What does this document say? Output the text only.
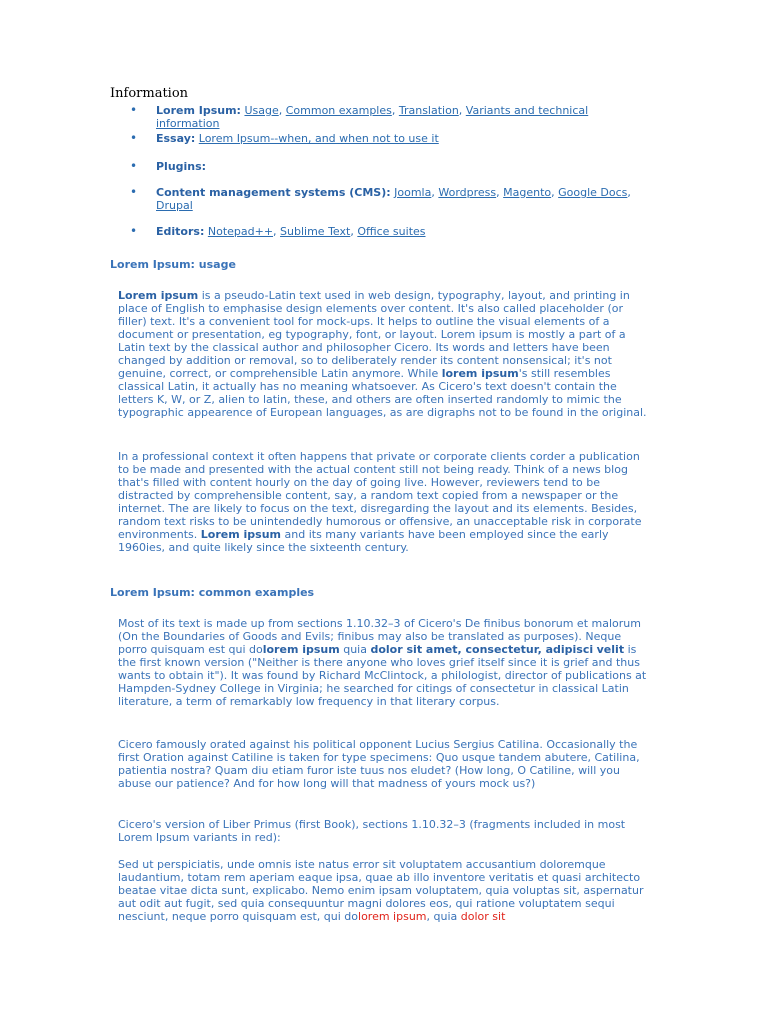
Information
• Lorem Ipsum: Usage, Common examples, Translation, Variants and technical information
• Essay: Lorem Ipsum--when, and when not to use it
• Plugins:
• Content management systems (CMS): Joomla, Wordpress, Magento, Google Docs, Drupal
• Editors: Notepad++, Sublime Text, Office suites
Lorem Ipsum: usage

Lorem ipsum is a pseudo-Latin text used in web design, typography, layout, and printing in place of English to emphasise design elements over content. It's also called placeholder (or filler) text. It's a convenient tool for mock-ups. It helps to outline the visual elements of a document or presentation, eg typography, font, or layout. Lorem ipsum is mostly a part of a Latin text by the classical author and philosopher Cicero. Its words and letters have been changed by addition or removal, so to deliberately render its content nonsensical; it's not genuine, correct, or comprehensible Latin anymore. While lorem ipsum's still resembles classical Latin, it actually has no meaning whatsoever. As Cicero's text doesn't contain the letters K, W, or Z, alien to latin, these, and others are often inserted randomly to mimic the typographic appearence of European languages, as are digraphs not to be found in the original.

In a professional context it often happens that private or corporate clients corder a publication to be made and presented with the actual content still not being ready. Think of a news blog that's filled with content hourly on the day of going live. However, reviewers tend to be distracted by comprehensible content, say, a random text copied from a newspaper or the internet. The are likely to focus on the text, disregarding the layout and its elements. Besides, random text risks to be unintendedly humorous or offensive, an unacceptable risk in corporate environments. Lorem ipsum and its many variants have been employed since the early 1960ies, and quite likely since the sixteenth century.

Lorem Ipsum: common examples

Most of its text is made up from sections 1.10.32–3 of Cicero's De finibus bonorum et malorum (On the Boundaries of Goods and Evils; finibus may also be translated as purposes). Neque porro quisquam est qui dolorem ipsum quia dolor sit amet, consectetur, adipisci velit is the first known version ("Neither is there anyone who loves grief itself since it is grief and thus wants to obtain it"). It was found by Richard McClintock, a philologist, director of publications at Hampden-Sydney College in Virginia; he searched for citings of consectetur in classical Latin literature, a term of remarkably low frequency in that literary corpus.

Cicero famously orated against his political opponent Lucius Sergius Catilina. Occasionally the first Oration against Catiline is taken for type specimens: Quo usque tandem abutere, Catilina, patientia nostra? Quam diu etiam furor iste tuus nos eludet? (How long, O Catiline, will you abuse our patience? And for how long will that madness of yours mock us?)

Cicero's version of Liber Primus (first Book), sections 1.10.32–3 (fragments included in most Lorem Ipsum variants in red):

Sed ut perspiciatis, unde omnis iste natus error sit voluptatem accusantium doloremque laudantium, totam rem aperiam eaque ipsa, quae ab illo inventore veritatis et quasi architecto beatae vitae dicta sunt, explicabo. Nemo enim ipsam voluptatem, quia voluptas sit, aspernatur aut odit aut fugit, sed quia consequuntur magni dolores eos, qui ratione voluptatem sequi nesciunt, neque porro quisquam est, qui dolorem ipsum, quia dolor sit
